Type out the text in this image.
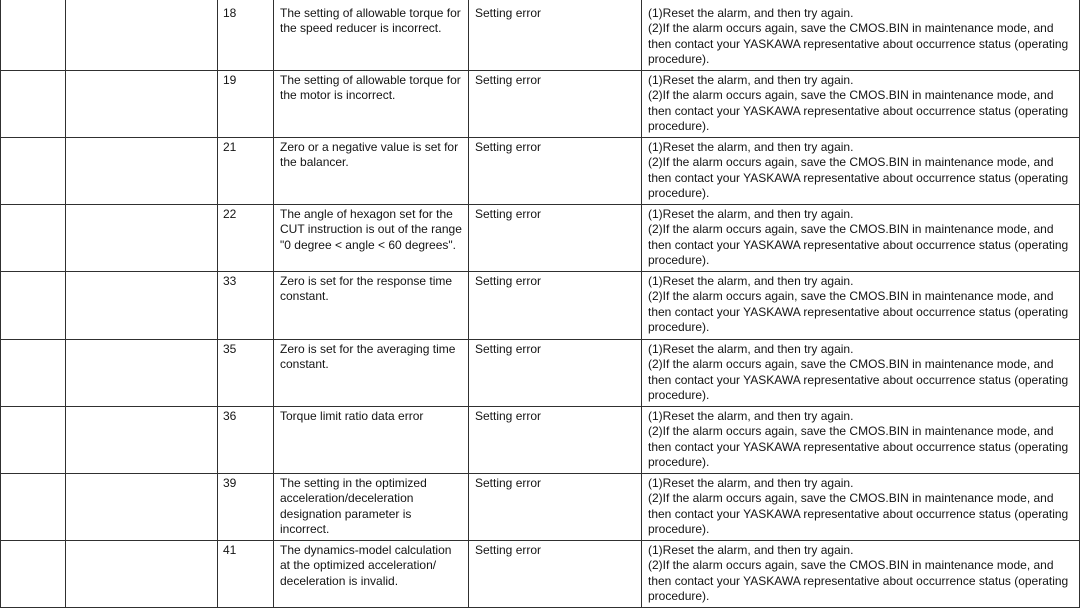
18	The setting of allowable torque for
the speed reducer is incorrect.
Setting error	(1)Reset the alarm, and then try again.
(2)If the alarm occurs again, save the CMOS.BIN in maintenance mode, and
then contact your YASKAWA representative about occurrence status (operating
procedure).
19	The setting of allowable torque for
the motor is incorrect.
Setting error	(1)Reset the alarm, and then try again.
(2)If the alarm occurs again, save the CMOS.BIN in maintenance mode, and
then contact your YASKAWA representative about occurrence status (operating
procedure).
21	Zero or a negative value is set for
the balancer.
Setting error	(1)Reset the alarm, and then try again.
(2)If the alarm occurs again, save the CMOS.BIN in maintenance mode, and
then contact your YASKAWA representative about occurrence status (operating
procedure).
22	The angle of hexagon set for the
CUT instruction is out of the range
"0 degree < angle < 60 degrees".
Setting error	(1)Reset the alarm, and then try again.
(2)If the alarm occurs again, save the CMOS.BIN in maintenance mode, and
then contact your YASKAWA representative about occurrence status (operating
procedure).
33	Zero is set for the response time
constant.
Setting error	(1)Reset the alarm, and then try again.
(2)If the alarm occurs again, save the CMOS.BIN in maintenance mode, and
then contact your YASKAWA representative about occurrence status (operating
procedure).
35	Zero is set for the averaging time
constant.
Setting error	(1)Reset the alarm, and then try again.
(2)If the alarm occurs again, save the CMOS.BIN in maintenance mode, and
then contact your YASKAWA representative about occurrence status (operating
procedure).
36	Torque limit ratio data error	Setting error	(1)Reset the alarm, and then try again.
(2)If the alarm occurs again, save the CMOS.BIN in maintenance mode, and
then contact your YASKAWA representative about occurrence status (operating
procedure).
39	The setting in the optimized
acceleration/deceleration
designation parameter is
incorrect.
Setting error	(1)Reset the alarm, and then try again.
(2)If the alarm occurs again, save the CMOS.BIN in maintenance mode, and
then contact your YASKAWA representative about occurrence status (operating
procedure).
41	The dynamics-model calculation
at the optimized acceleration/
deceleration is invalid.
Setting error	(1)Reset the alarm, and then try again.
(2)If the alarm occurs again, save the CMOS.BIN in maintenance mode, and
then contact your YASKAWA representative about occurrence status (operating
procedure).
